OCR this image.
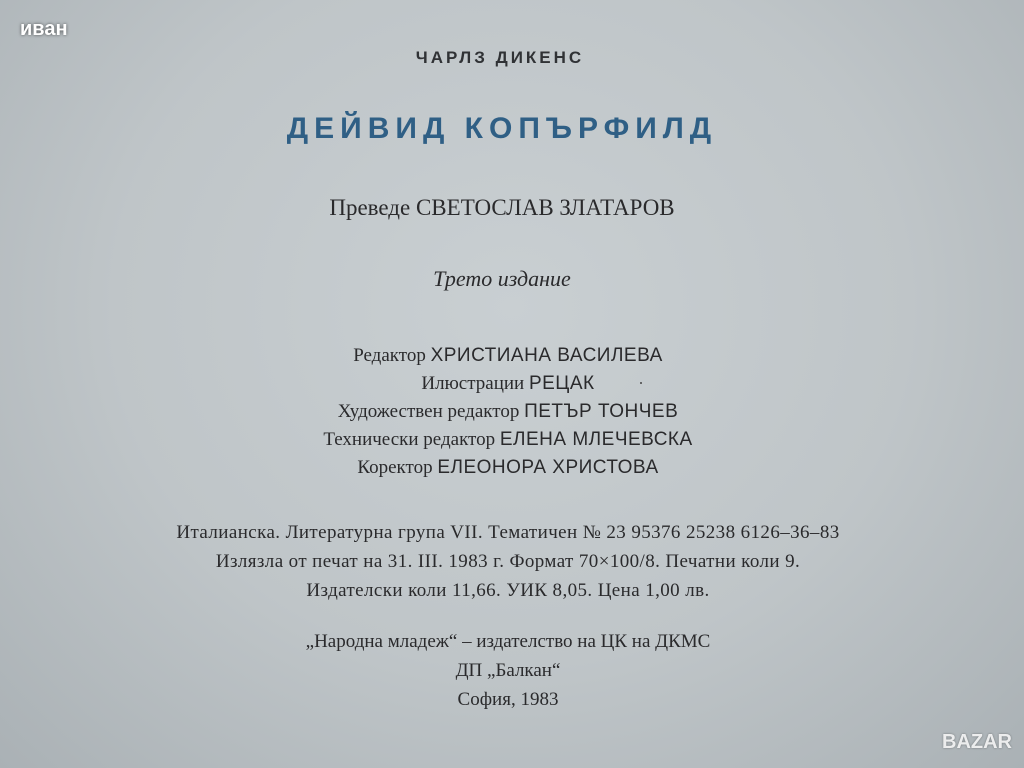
иван
ЧАРЛЗ ДИКЕНС
ДЕЙВИД КОПЪРФИЛД
Преведе СВЕТОСЛАВ ЗЛАТАРОВ
Трето издание
Редактор ХРИСТИАНА ВАСИЛЕВА
Илюстрации РЕЦАК
Художествен редактор ПЕТЪР ТОНЧЕВ
Технически редактор ЕЛЕНА МЛЕЧЕВСКА
Коректор ЕЛЕОНОРА ХРИСТОВА
Италианска. Литературна група VII. Тематичен № 23 95376 25238 6126–36–83
Излязла от печат на 31. III. 1983 г. Формат 70×100/8. Печатни коли 9.
Издателски коли 11,66. УИК 8,05. Цена 1,00 лв.
„Народна младеж“ – издателство на ЦК на ДКМС
ДП „Балкан“
София, 1983
BAZAR
